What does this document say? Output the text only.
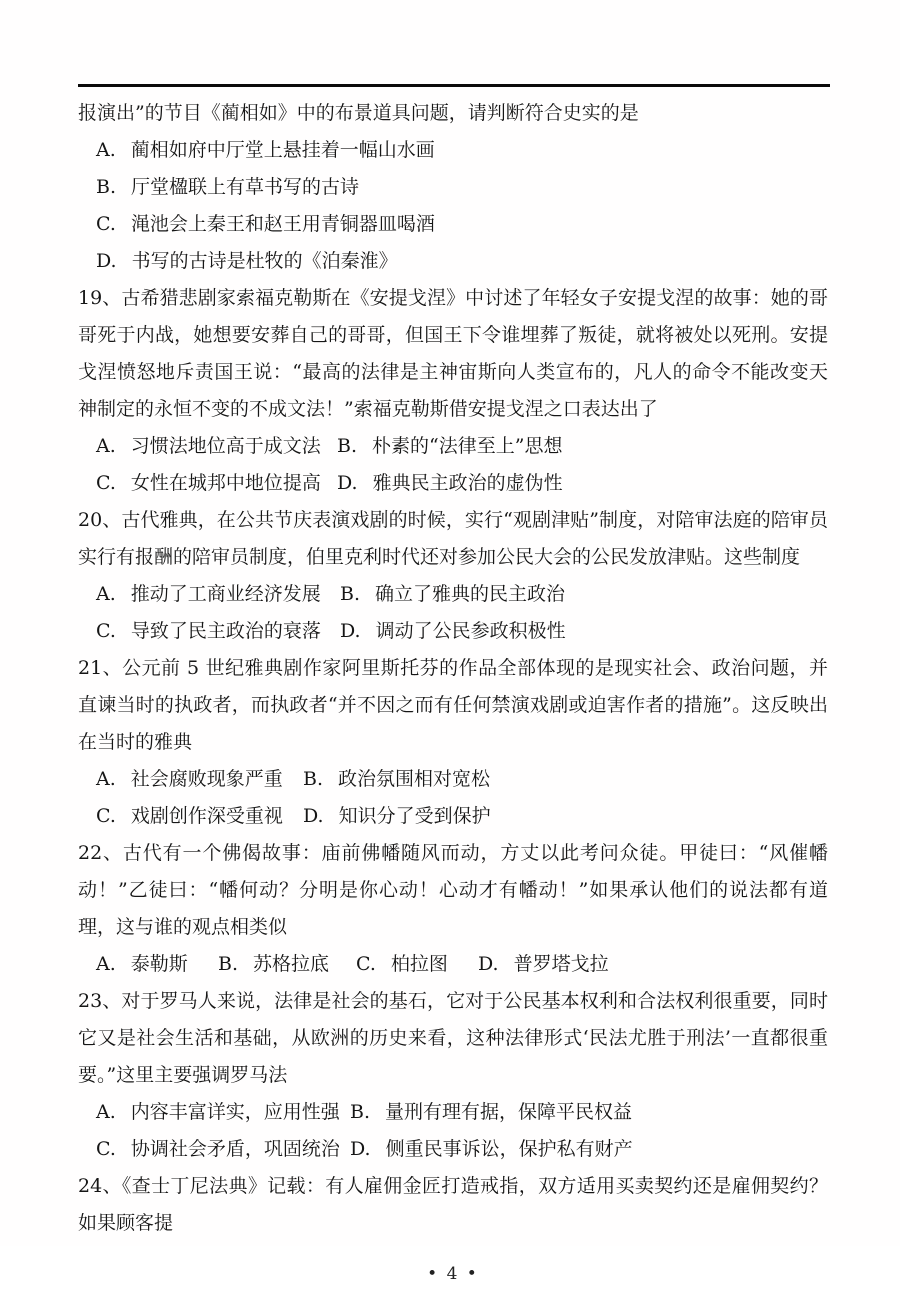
报演出”的节目《蔺相如》中的布景道具问题，请判断符合史实的是

A. 蔺相如府中厅堂上悬挂着一幅山水画
B. 厅堂楹联上有草书写的古诗
C. 渑池会上秦王和赵王用青铜器皿喝酒
D. 书写的古诗是杜牧的《泊秦淮》

19、古希猎悲剧家索福克勒斯在《安提戈涅》中讨述了年轻女子安提戈涅的故事：她的哥哥死于内战，她想要安葬自己的哥哥，但国王下令谁埋葬了叛徒，就将被处以死刑。安提戈涅愤怒地斥责国王说：“最高的法律是主神宙斯向人类宣布的，凡人的命令不能改变天神制定的永恒不变的不成文法！”索福克勒斯借安提戈涅之口表达出了

A. 习惯法地位高于成文法 B. 朴素的“法律至上”思想
C. 女性在城邦中地位提高 D. 雅典民主政治的虚伪性

20、古代雅典，在公共节庆表演戏剧的时候，实行“观剧津贴”制度，对陪审法庭的陪审员实行有报酬的陪审员制度，伯里克利时代还对参加公民大会的公民发放津贴。这些制度

A. 推动了工商业经济发展 B. 确立了雅典的民主政治
C. 导致了民主政治的衰落 D. 调动了公民参政积极性

21、公元前 5 世纪雅典剧作家阿里斯托芬的作品全部体现的是现实社会、政治问题，并直谏当时的执政者，而执政者“并不因之而有任何禁演戏剧或迫害作者的措施”。这反映出在当时的雅典

A. 社会腐败现象严重 B. 政治氛围相对宽松
C. 戏剧创作深受重视 D. 知识分了受到保护

22、古代有一个佛偈故事：庙前佛幡随风而动，方丈以此考问众徒。甲徒曰：“风催幡动！”乙徒曰：“幡何动？分明是你心动！心动才有幡动！”如果承认他们的说法都有道理，这与谁的观点相类似

A. 泰勒斯 B. 苏格拉底 C. 柏拉图 D. 普罗塔戈拉

23、对于罗马人来说，法律是社会的基石，它对于公民基本权利和合法权利很重要，同时它又是社会生活和基础，从欧洲的历史来看，这种法律形式‘民法尤胜于刑法’一直都很重要。”这里主要强调罗马法

A. 内容丰富详实，应用性强 B. 量刑有理有据，保障平民权益
C. 协调社会矛盾，巩固统治 D. 侧重民事诉讼，保护私有财产

24、《查士丁尼法典》记载：有人雇佣金匠打造戒指，双方适用买卖契约还是雇佣契约？如果顾客提

• 4 •
